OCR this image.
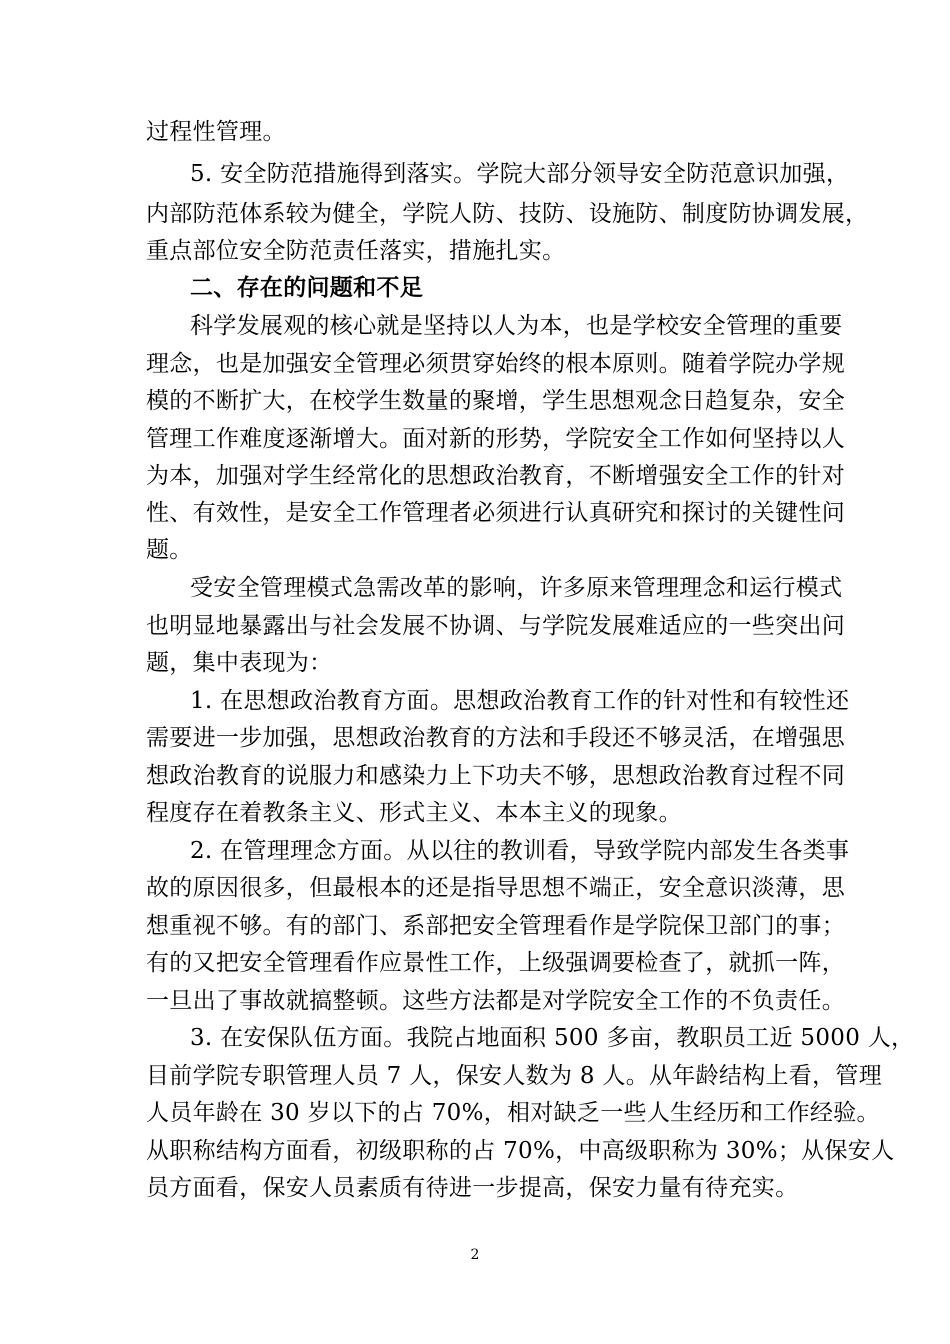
过程性管理。
5. 安全防范措施得到落实。学院大部分领导安全防范意识加强，
内部防范体系较为健全，学院人防、技防、设施防、制度防协调发展，
重点部位安全防范责任落实，措施扎实。
二、存在的问题和不足
科学发展观的核心就是坚持以人为本，也是学校安全管理的重要
理念，也是加强安全管理必须贯穿始终的根本原则。随着学院办学规
模的不断扩大，在校学生数量的聚增，学生思想观念日趋复杂，安全
管理工作难度逐渐增大。面对新的形势，学院安全工作如何坚持以人
为本，加强对学生经常化的思想政治教育，不断增强安全工作的针对
性、有效性，是安全工作管理者必须进行认真研究和探讨的关键性问
题。
受安全管理模式急需改革的影响，许多原来管理理念和运行模式
也明显地暴露出与社会发展不协调、与学院发展难适应的一些突出问
题，集中表现为：
1. 在思想政治教育方面。思想政治教育工作的针对性和有较性还
需要进一步加强，思想政治教育的方法和手段还不够灵活，在增强思
想政治教育的说服力和感染力上下功夫不够，思想政治教育过程不同
程度存在着教条主义、形式主义、本本主义的现象。
2. 在管理理念方面。从以往的教训看，导致学院内部发生各类事
故的原因很多，但最根本的还是指导思想不端正，安全意识淡薄，思
想重视不够。有的部门、系部把安全管理看作是学院保卫部门的事；
有的又把安全管理看作应景性工作，上级强调要检查了，就抓一阵，
一旦出了事故就搞整顿。这些方法都是对学院安全工作的不负责任。
3. 在安保队伍方面。我院占地面积 500 多亩，教职员工近 5000 人，
目前学院专职管理人员 7 人，保安人数为 8 人。从年龄结构上看，管理
人员年龄在 30 岁以下的占 70%，相对缺乏一些人生经历和工作经验。
从职称结构方面看，初级职称的占 70%，中高级职称为 30%；从保安人
员方面看，保安人员素质有待进一步提高，保安力量有待充实。
2
